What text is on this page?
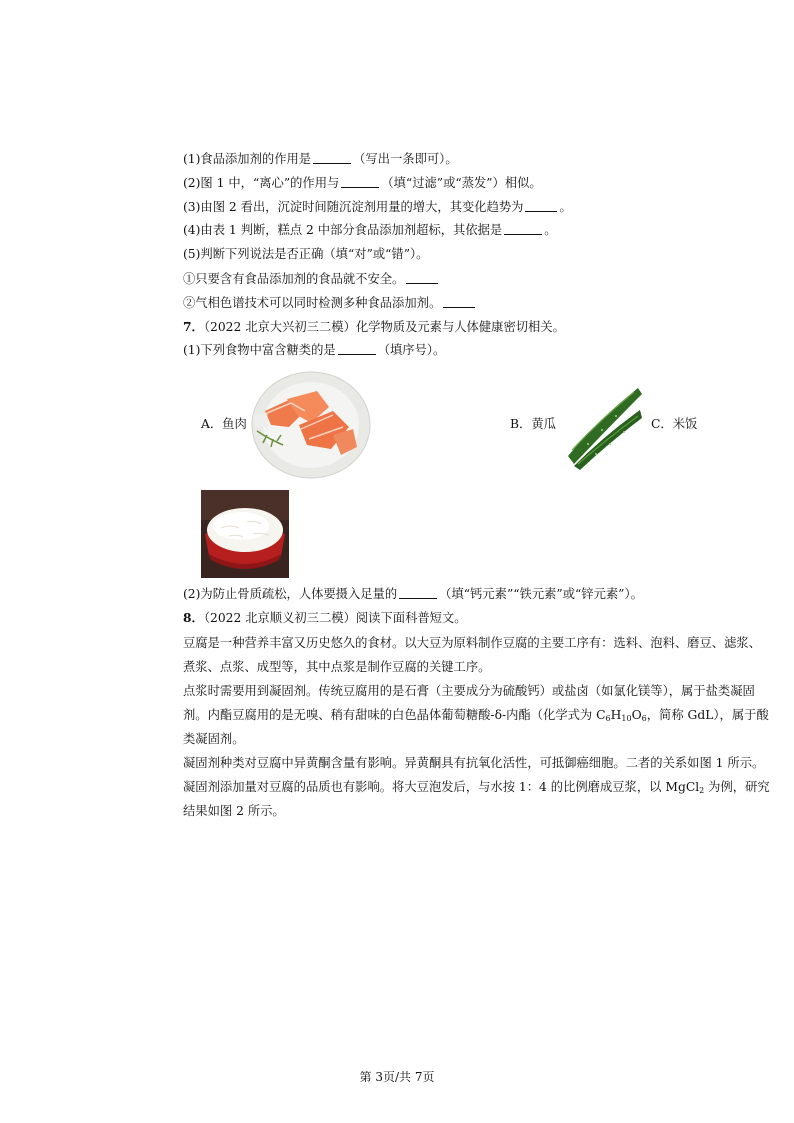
(1)食品添加剂的作用是	（写出一条即可）。
(2)图 1 中，“离心”的作用与	（填“过滤”或“蒸发”）相似。
(3)由图 2 看出，沉淀时间随沉淀剂用量的增大，其变化趋势为	。
(4)由表 1 判断，糕点 2 中部分食品添加剂超标，其依据是	。
(5)判断下列说法是否正确（填“对”或“错”）。
①只要含有食品添加剂的食品就不安全。
②气相色谱技术可以同时检测多种食品添加剂。
7．（2022 北京大兴初三二模）化学物质及元素与人体健康密切相关。
(1)下列食物中富含糖类的是	（填序号）。
A．鱼肉	B．黄瓜	C．米饭
(2)为防止骨质疏松，人体要摄入足量的	（填“钙元素”“铁元素”或“锌元素”）。
8．（2022 北京顺义初三二模）阅读下面科普短文。
豆腐是一种营养丰富又历史悠久的食材。以大豆为原料制作豆腐的主要工序有：选料、泡料、磨豆、滤浆、
煮浆、点浆、成型等，其中点浆是制作豆腐的关键工序。
点浆时需要用到凝固剂。传统豆腐用的是石膏（主要成分为硫酸钙）或盐卤（如氯化镁等），属于盐类凝固
剂。内酯豆腐用的是无嗅、稍有甜味的白色晶体葡萄糖酸-δ-内酯（化学式为 $C_6H_{10}O_6$，简称 GdL），属于酸
类凝固剂。
凝固剂种类对豆腐中异黄酮含量有影响。异黄酮具有抗氧化活性，可抵御癌细胞。二者的关系如图 1 所示。
凝固剂添加量对豆腐的品质也有影响。将大豆泡发后，与水按 1：4 的比例磨成豆浆，以 MgCl$_2$ 为例，研究
结果如图 2 所示。
第 3页/共 7页
